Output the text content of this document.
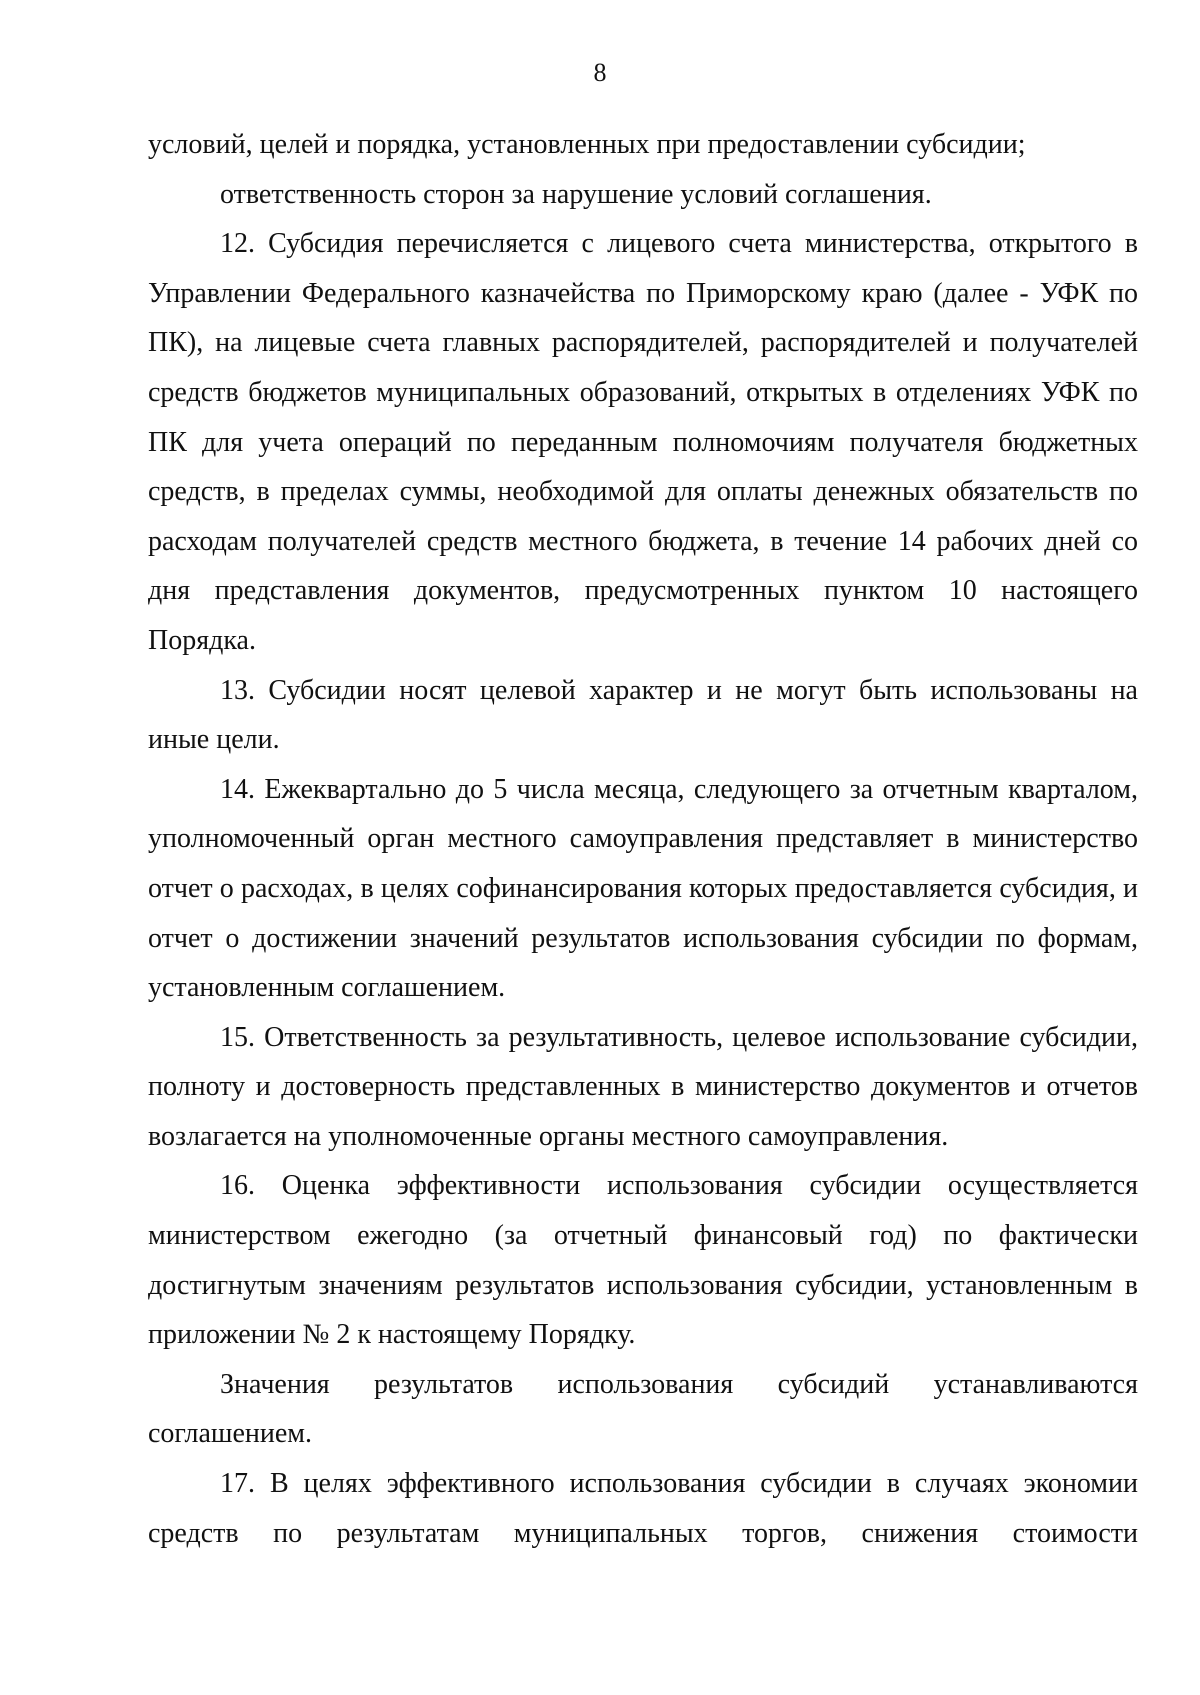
8

условий, целей и порядка, установленных при предоставлении субсидии;

ответственность сторон за нарушение условий соглашения.

12. Субсидия перечисляется с лицевого счета министерства, открытого в Управлении Федерального казначейства по Приморскому краю (далее - УФК по ПК), на лицевые счета главных распорядителей, распорядителей и получателей средств бюджетов муниципальных образований, открытых в отделениях УФК по ПК для учета операций по переданным полномочиям получателя бюджетных средств, в пределах суммы, необходимой для оплаты денежных обязательств по расходам получателей средств местного бюджета, в течение 14 рабочих дней со дня представления документов, предусмотренных пунктом 10 настоящего Порядка.

13. Субсидии носят целевой характер и не могут быть использованы на иные цели.

14. Ежеквартально до 5 числа месяца, следующего за отчетным кварталом, уполномоченный орган местного самоуправления представляет в министерство отчет о расходах, в целях софинансирования которых предоставляется субсидия, и отчет о достижении значений результатов использования субсидии по формам, установленным соглашением.

15. Ответственность за результативность, целевое использование субсидии, полноту и достоверность представленных в министерство документов и отчетов возлагается на уполномоченные органы местного самоуправления.

16. Оценка эффективности использования субсидии осуществляется министерством ежегодно (за отчетный финансовый год) по фактически достигнутым значениям результатов использования субсидии, установленным в приложении № 2 к настоящему Порядку.

Значения результатов использования субсидий устанавливаются соглашением.

17. В целях эффективного использования субсидии в случаях экономии средств по результатам муниципальных торгов, снижения стоимости
